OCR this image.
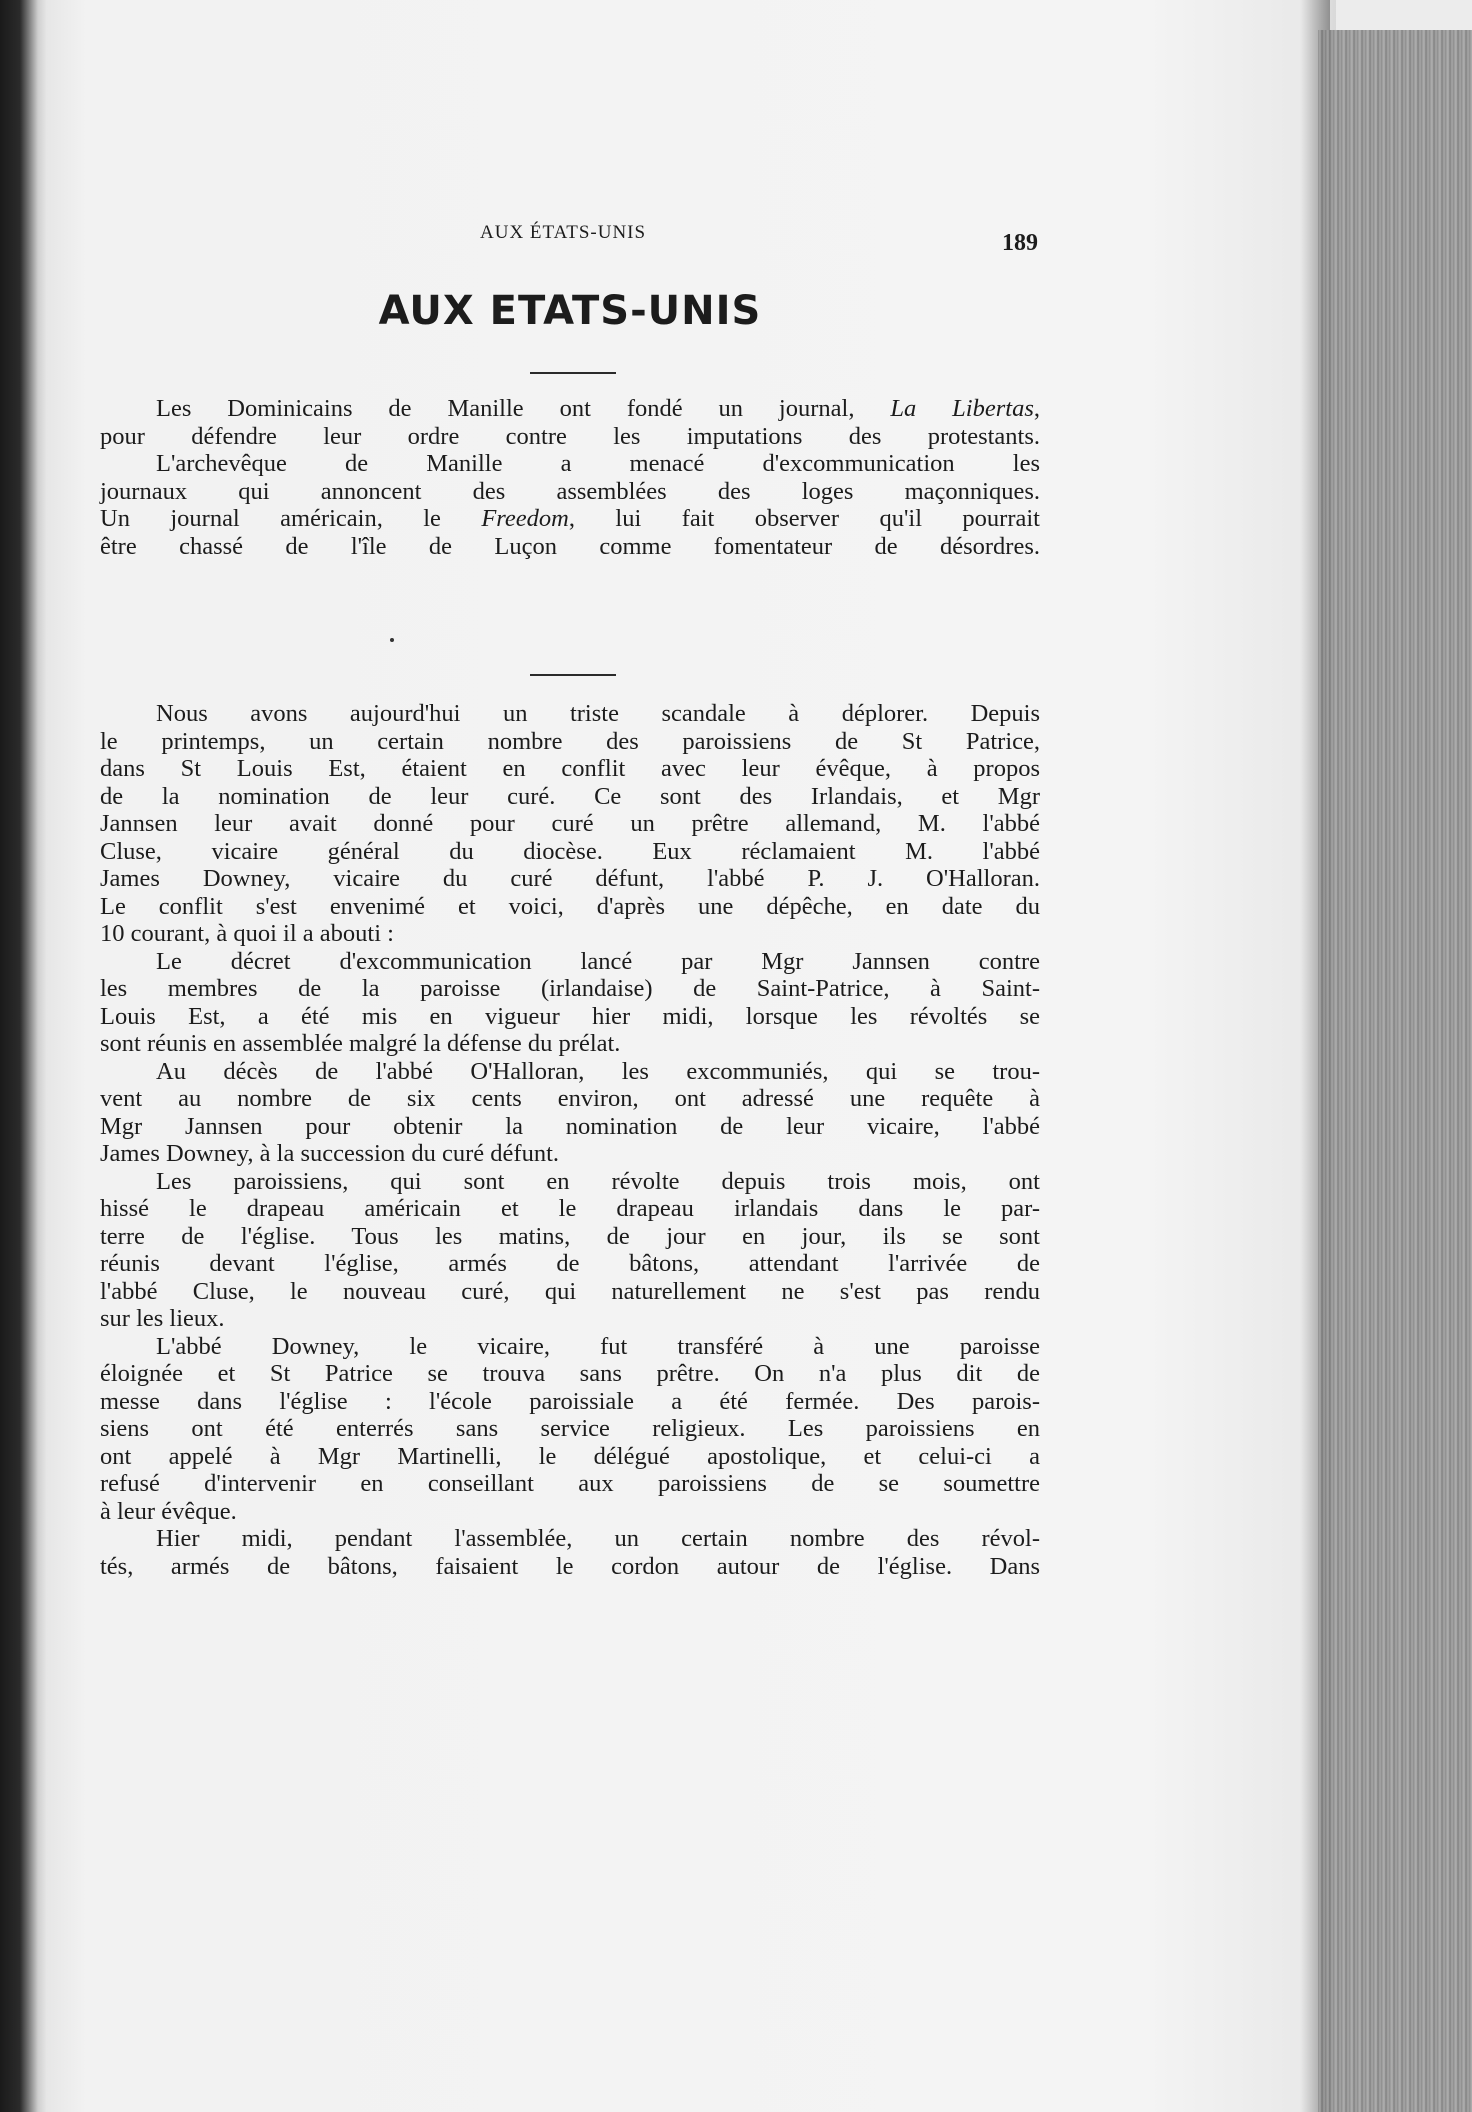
AUX ÉTATS-UNIS	189
AUX ETATS-UNIS
Les Dominicains de Manille ont fondé un journal, La Libertas,
pour défendre leur ordre contre les imputations des protestants.
L'archevêque de Manille a menacé d'excommunication les
journaux qui annoncent des assemblées des loges maçonniques.
Un journal américain, le Freedom, lui fait observer qu'il pourrait
être chassé de l'île de Luçon comme fomentateur de désordres.
Nous avons aujourd'hui un triste scandale à déplorer. Depuis
le printemps, un certain nombre des paroissiens de St Patrice,
dans St Louis Est, étaient en conflit avec leur évêque, à propos
de la nomination de leur curé. Ce sont des Irlandais, et Mgr
Jannsen leur avait donné pour curé un prêtre allemand, M. l'abbé
Cluse, vicaire général du diocèse. Eux réclamaient M. l'abbé
James Downey, vicaire du curé défunt, l'abbé P. J. O'Halloran.
Le conflit s'est envenimé et voici, d'après une dépêche, en date du
10 courant, à quoi il a abouti :
Le décret d'excommunication lancé par Mgr Jannsen contre
les membres de la paroisse (irlandaise) de Saint-Patrice, à Saint-
Louis Est, a été mis en vigueur hier midi, lorsque les révoltés se
sont réunis en assemblée malgré la défense du prélat.
Au décès de l'abbé O'Halloran, les excommuniés, qui se trou-
vent au nombre de six cents environ, ont adressé une requête à
Mgr Jannsen pour obtenir la nomination de leur vicaire, l'abbé
James Downey, à la succession du curé défunt.
Les paroissiens, qui sont en révolte depuis trois mois, ont
hissé le drapeau américain et le drapeau irlandais dans le par-
terre de l'église. Tous les matins, de jour en jour, ils se sont
réunis devant l'église, armés de bâtons, attendant l'arrivée de
l'abbé Cluse, le nouveau curé, qui naturellement ne s'est pas rendu
sur les lieux.
L'abbé Downey, le vicaire, fut transféré à une paroisse
éloignée et St Patrice se trouva sans prêtre. On n'a plus dit de
messe dans l'église : l'école paroissiale a été fermée. Des parois-
siens ont été enterrés sans service religieux. Les paroissiens en
ont appelé à Mgr Martinelli, le délégué apostolique, et celui-ci a
refusé d'intervenir en conseillant aux paroissiens de se soumettre
à leur évêque.
Hier midi, pendant l'assemblée, un certain nombre des révol-
tés, armés de bâtons, faisaient le cordon autour de l'église. Dans
